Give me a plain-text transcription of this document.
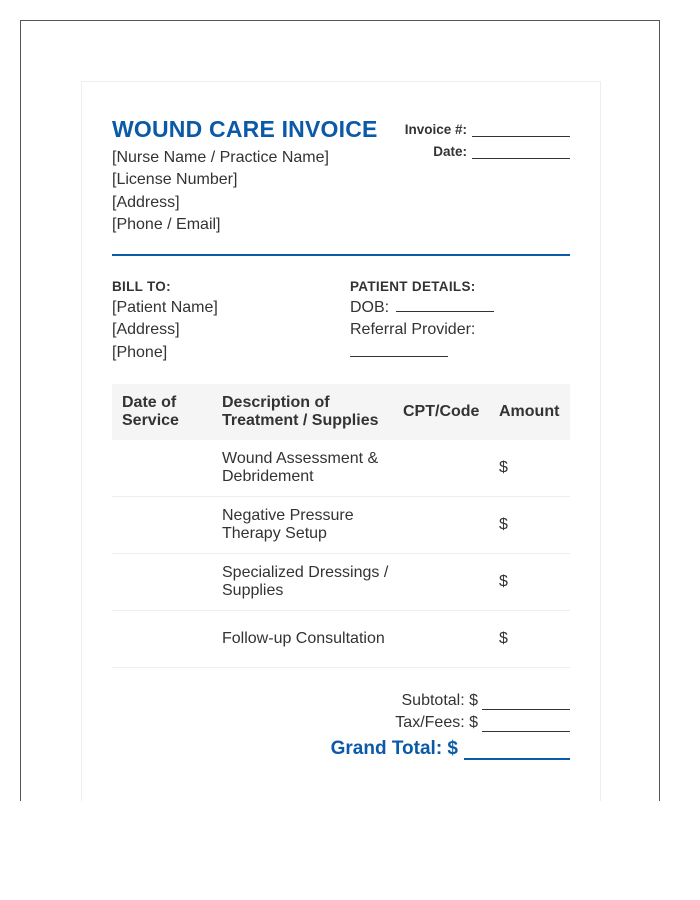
WOUND CARE INVOICE
[Nurse Name / Practice Name]
[License Number]
[Address]
[Phone / Email]
Invoice #:
Date:
BILL TO:
[Patient Name]
[Address]
[Phone]
PATIENT DETAILS:
DOB:
Referral Provider:
Date of Service	Description of Treatment / Supplies	CPT/Code	Amount
	Wound Assessment & Debridement		$
	Negative Pressure Therapy Setup		$
	Specialized Dressings / Supplies		$
	Follow-up Consultation		$
Subtotal: $
Tax/Fees: $
Grand Total: $
